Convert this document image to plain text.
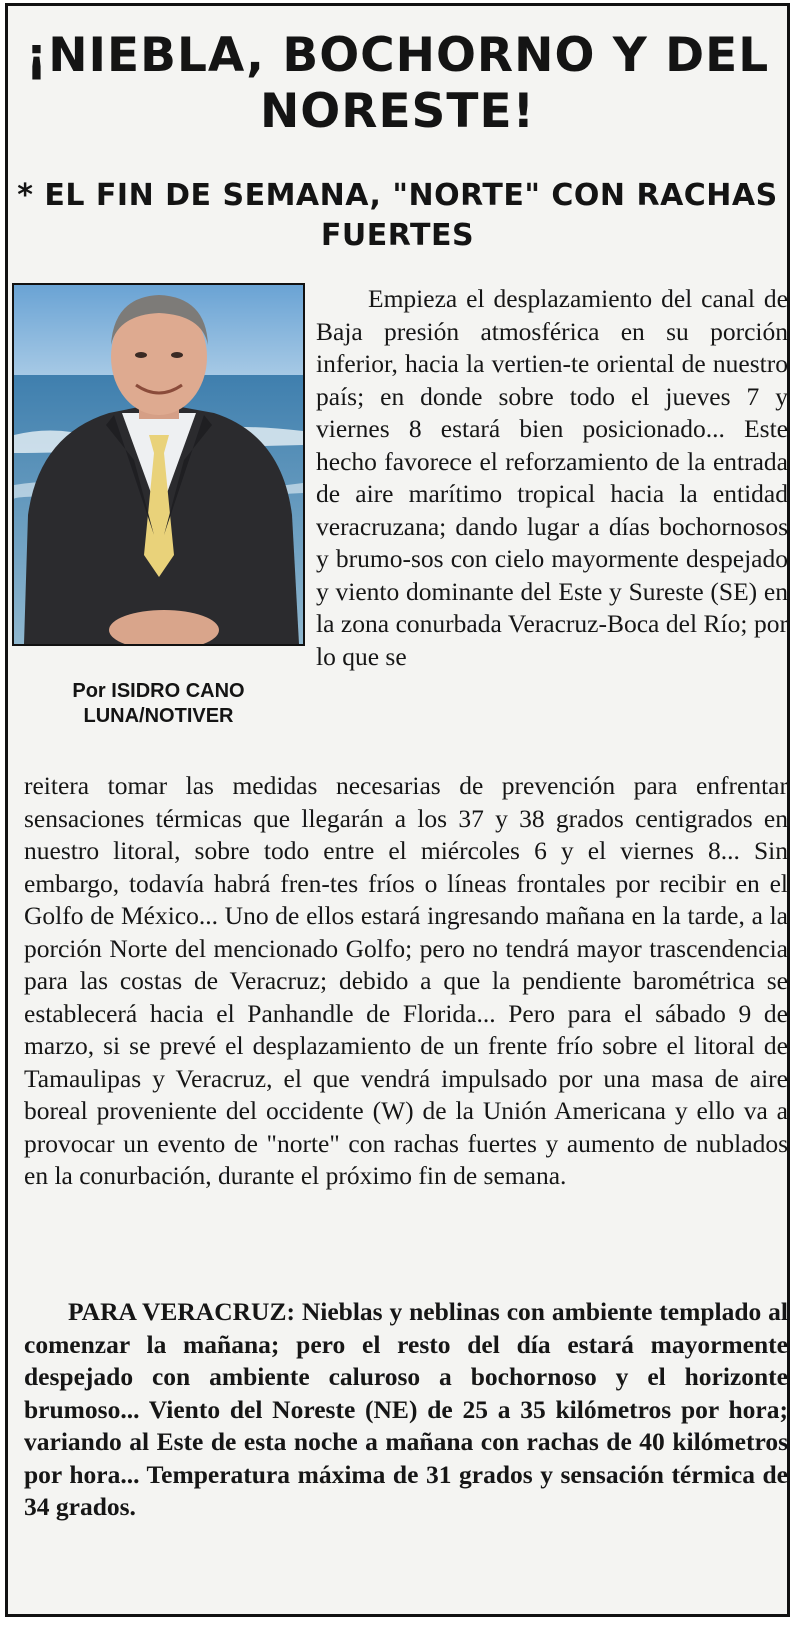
¡NIEBLA, BOCHORNO Y DEL NORESTE!
* EL FIN DE SEMANA, "NORTE" CON RACHAS FUERTES
Por ISIDRO CANO LUNA/NOTIVER

Empieza el desplazamiento del canal de Baja presión atmosférica en su porción inferior, hacia la vertien-te oriental de nuestro país; en donde sobre todo el jueves 7 y viernes 8 estará bien posicionado... Este hecho favorece el reforzamiento de la entrada de aire marítimo tropical hacia la entidad veracruzana; dando lugar a días bochornosos y brumo-sos con cielo mayormente despejado y viento dominante del Este y Sureste (SE) en la zona conurbada Veracruz-Boca del Río; por lo que se

reitera tomar las medidas necesarias de prevención para enfrentar sensaciones térmicas que llegarán a los 37 y 38 grados centigrados en nuestro litoral, sobre todo entre el miércoles 6 y el viernes 8... Sin embargo, todavía habrá fren-tes fríos o líneas frontales por recibir en el Golfo de México... Uno de ellos estará ingresando mañana en la tarde, a la porción Norte del mencionado Golfo; pero no tendrá mayor trascendencia para las costas de Veracruz; debido a que la pendiente barométrica se establecerá hacia el Panhandle de Florida... Pero para el sábado 9 de marzo, si se prevé el desplazamiento de un frente frío sobre el litoral de Tamaulipas y Veracruz, el que vendrá impulsado por una masa de aire boreal proveniente del occidente (W) de la Unión Americana y ello va a provocar un evento de "norte" con rachas fuertes y aumento de nublados en la conurbación, durante el próximo fin de semana.

PARA VERACRUZ: Nieblas y neblinas con ambiente templado al comenzar la mañana; pero el resto del día estará mayormente despejado con ambiente caluroso a bochornoso y el horizonte brumoso... Viento del Noreste (NE) de 25 a 35 kilómetros por hora; variando al Este de esta noche a mañana con rachas de 40 kilómetros por hora... Temperatura máxima de 31 grados y sensación térmica de 34 grados.
